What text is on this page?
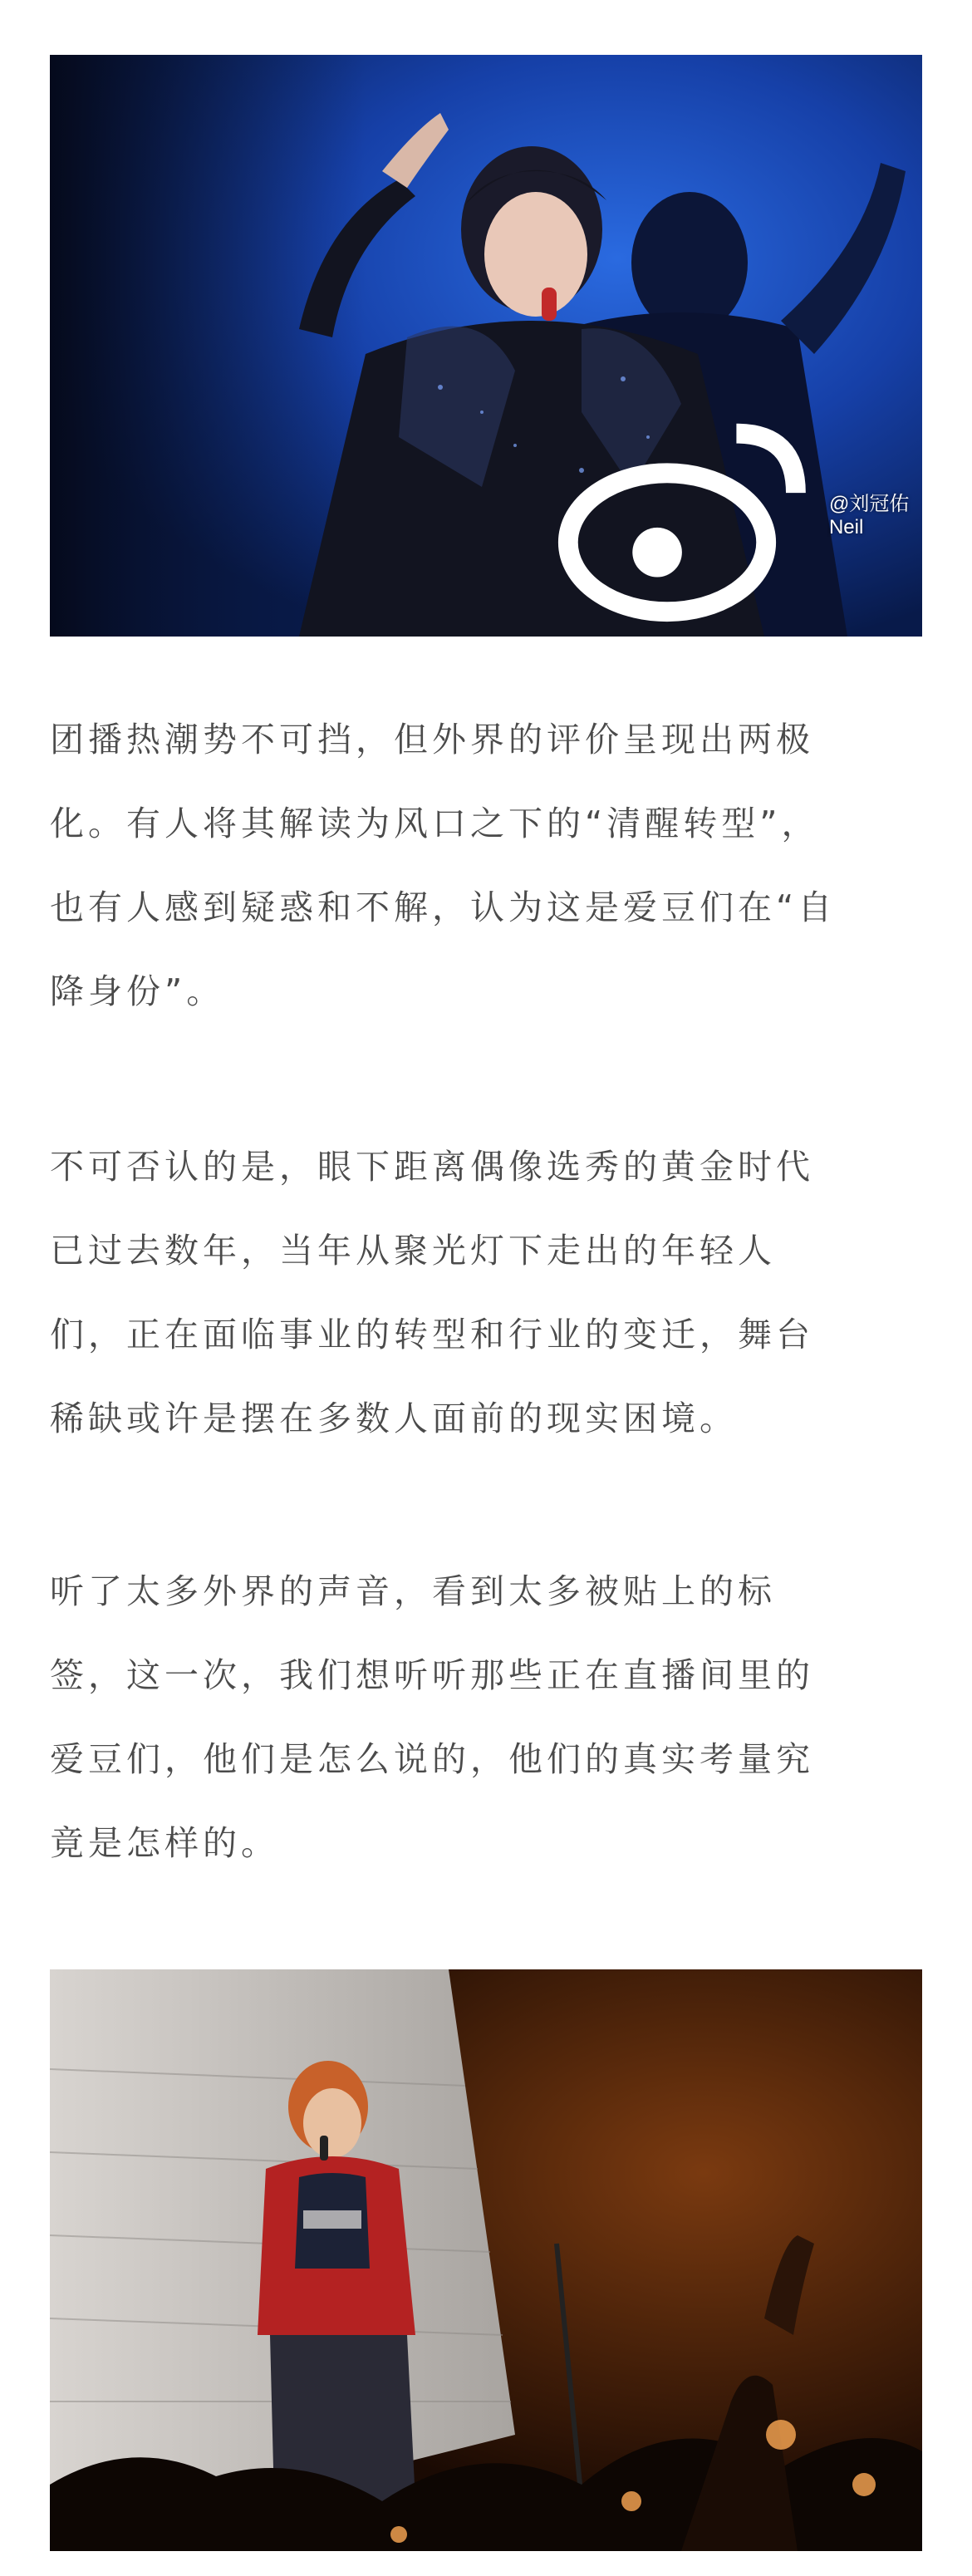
@刘冠佑Neil

团播热潮势不可挡，但外界的评价呈现出两极
化。有人将其解读为风口之下的“清醒转型”，
也有人感到疑惑和不解，认为这是爱豆们在“自
降身份”。

不可否认的是，眼下距离偶像选秀的黄金时代
已过去数年，当年从聚光灯下走出的年轻人
们，正在面临事业的转型和行业的变迁，舞台
稀缺或许是摆在多数人面前的现实困境。

听了太多外界的声音，看到太多被贴上的标
签，这一次，我们想听听那些正在直播间里的
爱豆们，他们是怎么说的，他们的真实考量究
竟是怎样的。
